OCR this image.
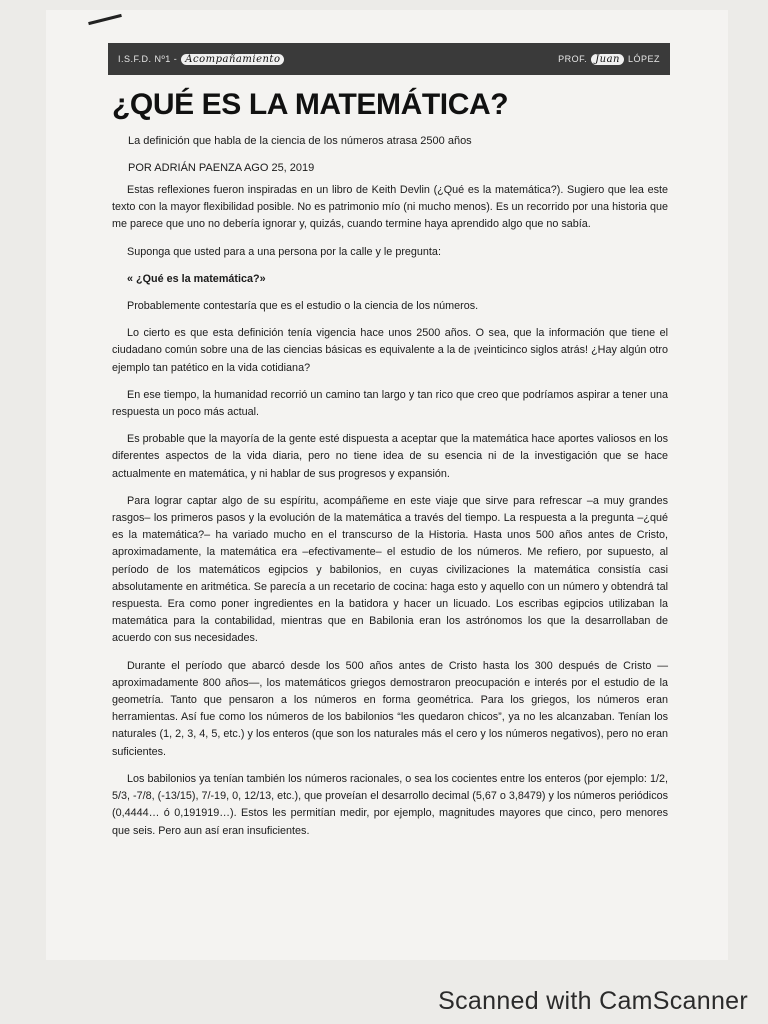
I.S.F.D. Nº1 - Acompañamiento	PROF. Juan LÓPEZ
¿QUÉ ES LA MATEMÁTICA?

La definición que habla de la ciencia de los números atrasa 2500 años

POR ADRIÁN PAENZA AGO 25, 2019

Estas reflexiones fueron inspiradas en un libro de Keith Devlin (¿Qué es la matemática?). Sugiero que lea este texto con la mayor flexibilidad posible. No es patrimonio mío (ni mucho menos). Es un recorrido por una historia que me parece que uno no debería ignorar y, quizás, cuando termine haya aprendido algo que no sabía.

Suponga que usted para a una persona por la calle y le pregunta:

« ¿Qué es la matemática?»

Probablemente contestaría que es el estudio o la ciencia de los números.

Lo cierto es que esta definición tenía vigencia hace unos 2500 años. O sea, que la información que tiene el ciudadano común sobre una de las ciencias básicas es equivalente a la de ¡veinticinco siglos atrás! ¿Hay algún otro ejemplo tan patético en la vida cotidiana?

En ese tiempo, la humanidad recorrió un camino tan largo y tan rico que creo que podríamos aspirar a tener una respuesta un poco más actual.

Es probable que la mayoría de la gente esté dispuesta a aceptar que la matemática hace aportes valiosos en los diferentes aspectos de la vida diaria, pero no tiene idea de su esencia ni de la investigación que se hace actualmente en matemática, y ni hablar de sus progresos y expansión.

Para lograr captar algo de su espíritu, acompáñeme en este viaje que sirve para refrescar –a muy grandes rasgos– los primeros pasos y la evolución de la matemática a través del tiempo. La respuesta a la pregunta –¿qué es la matemática?– ha variado mucho en el transcurso de la Historia. Hasta unos 500 años antes de Cristo, aproximadamente, la matemática era –efectivamente– el estudio de los números. Me refiero, por supuesto, al período de los matemáticos egipcios y babilonios, en cuyas civilizaciones la matemática consistía casi absolutamente en aritmética. Se parecía a un recetario de cocina: haga esto y aquello con un número y obtendrá tal respuesta. Era como poner ingredientes en la batidora y hacer un licuado. Los escribas egipcios utilizaban la matemática para la contabilidad, mientras que en Babilonia eran los astrónomos los que la desarrollaban de acuerdo con sus necesidades.

Durante el período que abarcó desde los 500 años antes de Cristo hasta los 300 después de Cristo — aproximadamente 800 años—, los matemáticos griegos demostraron preocupación e interés por el estudio de la geometría. Tanto que pensaron a los números en forma geométrica. Para los griegos, los números eran herramientas. Así fue como los números de los babilonios “les quedaron chicos”, ya no les alcanzaban. Tenían los naturales (1, 2, 3, 4, 5, etc.) y los enteros (que son los naturales más el cero y los números negativos), pero no eran suficientes.

Los babilonios ya tenían también los números racionales, o sea los cocientes entre los enteros (por ejemplo: 1/2, 5/3, -7/8, (-13/15), 7/-19, 0, 12/13, etc.), que proveían el desarrollo decimal (5,67 o 3,8479) y los números periódicos (0,4444… ó 0,191919…). Estos les permitían medir, por ejemplo, magnitudes mayores que cinco, pero menores que seis. Pero aun así eran insuficientes.

Scanned with CamScanner
